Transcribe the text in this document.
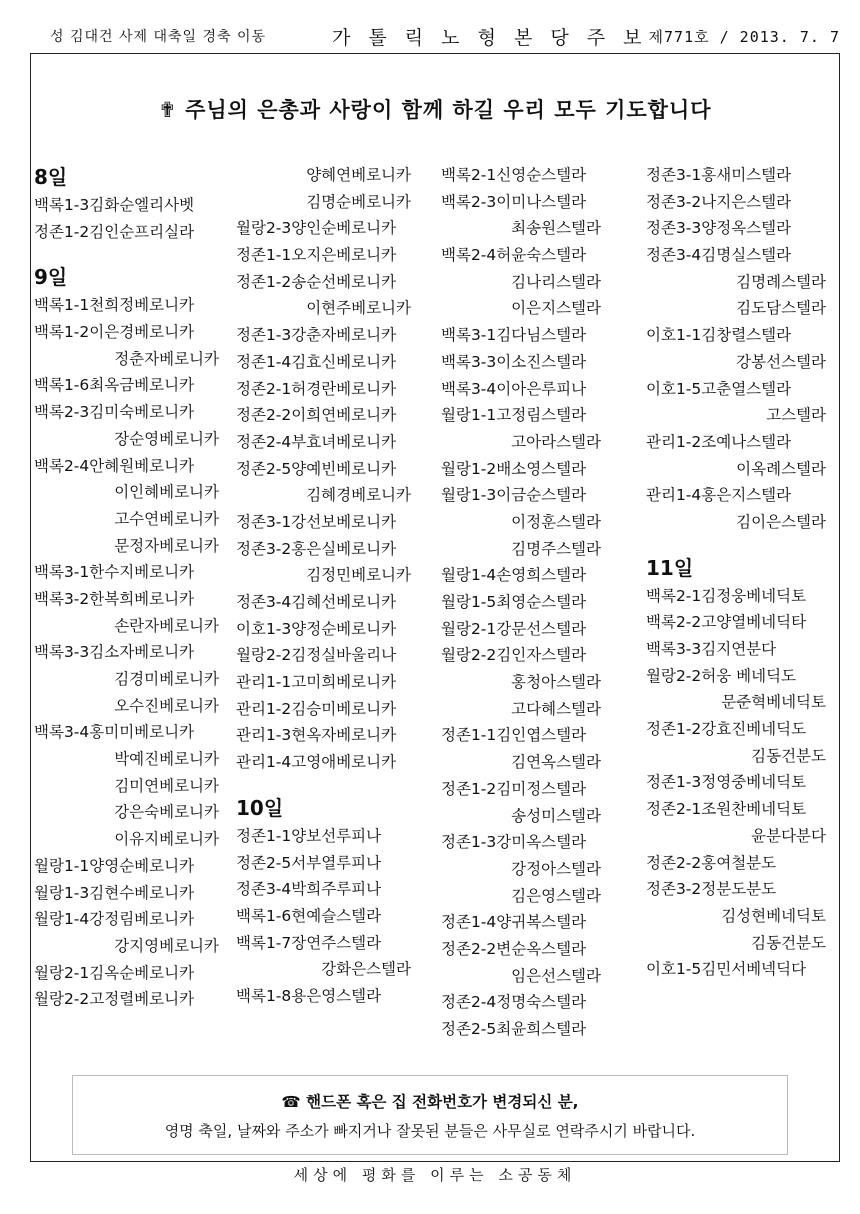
성 김대건 사제 대축일 경축 이동	가 톨 릭 노 형 본 당 주 보 제771호 / 2013. 7. 7
✟ 주님의 은총과 사랑이 함께 하길 우리 모두 기도합니다
8일
백록1-3김화순엘리사벳
정존1-2김인순프리실라
9일
백록1-1천희정베로니카
백록1-2이은경베로니카
정춘자베로니카
백록1-6최옥금베로니카
백록2-3김미숙베로니카
장순영베로니카
백록2-4안혜원베로니카
이인혜베로니카
고수연베로니카
문정자베로니카
백록3-1한수지베로니카
백록3-2한복희베로니카
손란자베로니카
백록3-3김소자베로니카
김경미베로니카
오수진베로니카
백록3-4홍미미베로니카
박예진베로니카
김미연베로니카
강은숙베로니카
이유지베로니카
월랑1-1양영순베로니카
월랑1-3김현수베로니카
월랑1-4강정림베로니카
강지영베로니카
월랑2-1김옥순베로니카
월랑2-2고정렬베로니카
양혜연베로니카
김명순베로니카
월랑2-3양인순베로니카
정존1-1오지은베로니카
정존1-2송순선베로니카
이현주베로니카
정존1-3강춘자베로니카
정존1-4김효신베로니카
정존2-1허경란베로니카
정존2-2이희연베로니카
정존2-4부효녀베로니카
정존2-5양예빈베로니카
김혜경베로니카
정존3-1강선보베로니카
정존3-2홍은실베로니카
김정민베로니카
정존3-4김혜선베로니카
이호1-3양정순베로니카
월랑2-2김정실바울리나
관리1-1고미희베로니카
관리1-2김승미베로니카
관리1-3현옥자베로니카
관리1-4고영애베로니카
10일
정존1-1양보선루피나
정존2-5서부열루피나
정존3-4박희주루피나
백록1-6현예슬스텔라
백록1-7장연주스텔라
강화은스텔라
백록1-8용은영스텔라
백록2-1신영순스텔라
백록2-3이미나스텔라
최송원스텔라
백록2-4허윤숙스텔라
김나리스텔라
이은지스텔라
백록3-1김다님스텔라
백록3-3이소진스텔라
백록3-4이아은루피나
월랑1-1고정림스텔라
고아라스텔라
월랑1-2배소영스텔라
월랑1-3이금순스텔라
이정훈스텔라
김명주스텔라
월랑1-4손영희스텔라
월랑1-5최영순스텔라
월랑2-1강문선스텔라
월랑2-2김인자스텔라
홍청아스텔라
고다혜스텔라
정존1-1김인엽스텔라
김연옥스텔라
정존1-2김미정스텔라
송성미스텔라
정존1-3강미옥스텔라
강정아스텔라
김은영스텔라
정존1-4양귀복스텔라
정존2-2변순옥스텔라
임은선스텔라
정존2-4정명숙스텔라
정존2-5최윤희스텔라
정존3-1홍새미스텔라
정존3-2나지은스텔라
정존3-3양정옥스텔라
정존3-4김명실스텔라
김명례스텔라
김도담스텔라
이호1-1김창렬스텔라
강봉선스텔라
이호1-5고춘열스텔라
고스텔라
관리1-2조예나스텔라
이옥례스텔라
관리1-4홍은지스텔라
김이은스텔라
11일
백록2-1김정웅베네딕토
백록2-2고양열베네딕타
백록3-3김지연분다
월랑2-2허웅 베네딕도
문준혁베네딕토
정존1-2강효진베네딕도
김동건분도
정존1-3정영중베네딕토
정존2-1조원찬베네딕토
윤분다분다
정존2-2홍여철분도
정존3-2정분도분도
김성현베네딕토
김동건분도
이호1-5김민서베넥딕다
☎ 핸드폰 혹은 집 전화번호가 변경되신 분,
영명 축일, 날짜와 주소가 빠지거나 잘못된 분들은 사무실로 연락주시기 바랍니다.
세상에 평화를 이루는 소공동체
